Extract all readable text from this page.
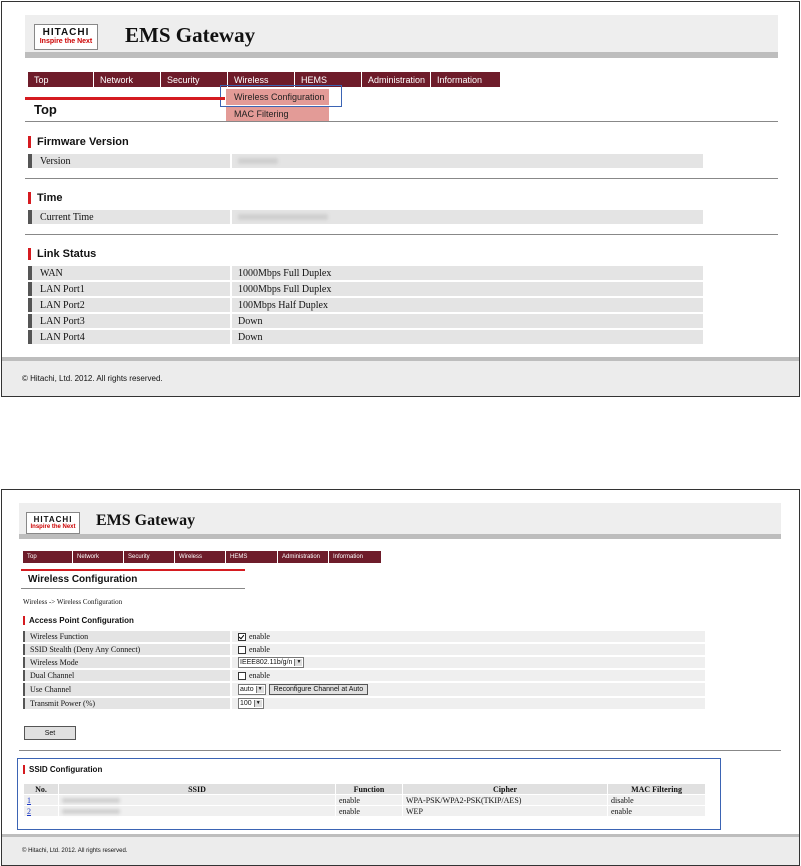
HITACHI
Inspire the Next EMS Gateway
Top	Network	Security	Wireless	HEMS	Administration	Information
Wireless Configuration
MAC Filtering
Top
Firmware Version
Version
Time
Current Time
Link Status
WAN	1000Mbps Full Duplex
LAN Port1	1000Mbps Full Duplex
LAN Port2	100Mbps Half Duplex
LAN Port3	Down
LAN Port4	Down
© Hitachi, Ltd. 2012. All rights reserved.
HITACHI
Inspire the Next EMS Gateway
Top	Network	Security	Wireless	HEMS	Administration	Information
Wireless Configuration
Wireless -> Wireless Configuration
Access Point Configuration
Wireless Function	enable
SSID Stealth (Deny Any Connect)	enable
Wireless Mode	IEEE802.11b/g/n ▼
Dual Channel	enable
Use Channel	auto ▼	Reconfigure Channel at Auto
Transmit Power (%)	100 ▼
Set
SSID Configuration
No.	SSID	Function	Cipher	MAC Filtering
1		enable	WPA-PSK/WPA2-PSK(TKIP/AES)	disable
2		enable	WEP	enable
© Hitachi, Ltd. 2012. All rights reserved.
